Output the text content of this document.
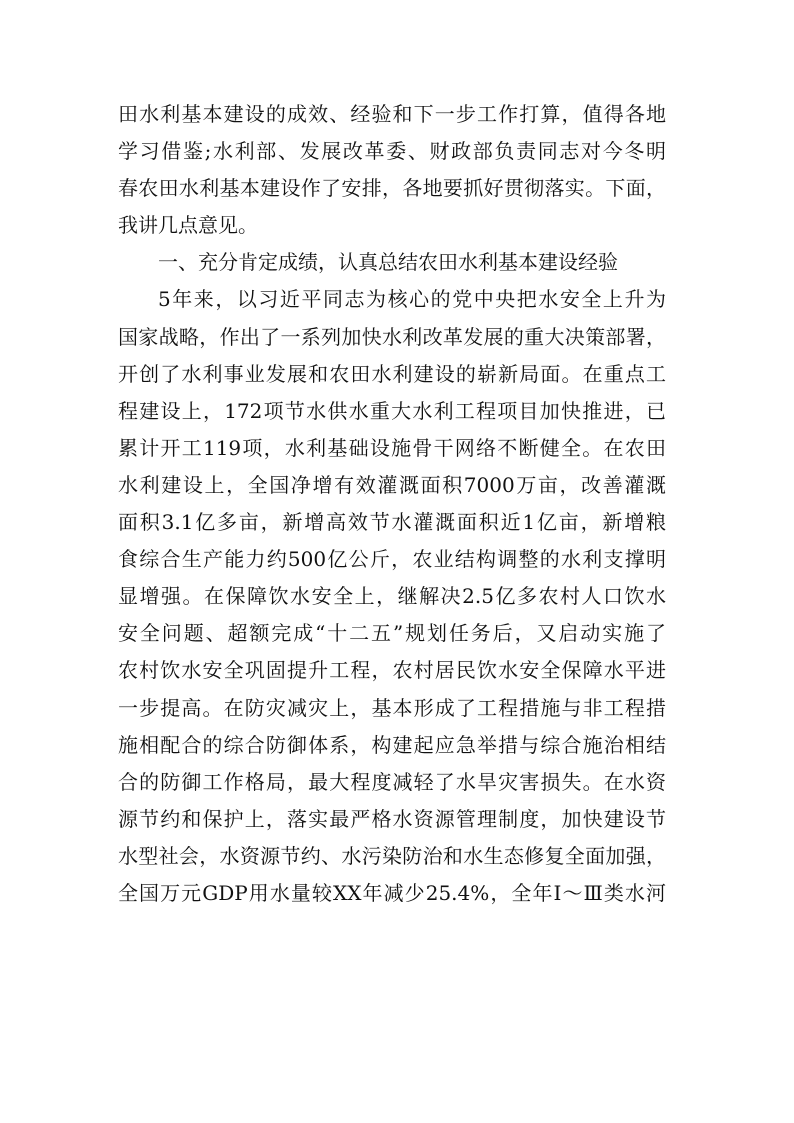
田水利基本建设的成效、经验和下一步工作打算，值得各地
学习借鉴;水利部、发展改革委、财政部负责同志对今冬明
春农田水利基本建设作了安排，各地要抓好贯彻落实。下面，
我讲几点意见。
一、充分肯定成绩，认真总结农田水利基本建设经验
5年来，以习近平同志为核心的党中央把水安全上升为
国家战略，作出了一系列加快水利改革发展的重大决策部署，
开创了水利事业发展和农田水利建设的崭新局面。在重点工
程建设上，172项节水供水重大水利工程项目加快推进，已
累计开工119项，水利基础设施骨干网络不断健全。在农田
水利建设上，全国净增有效灌溉面积7000万亩，改善灌溉
面积3.1亿多亩，新增高效节水灌溉面积近1亿亩，新增粮
食综合生产能力约500亿公斤，农业结构调整的水利支撑明
显增强。在保障饮水安全上，继解决2.5亿多农村人口饮水
安全问题、超额完成“十二五”规划任务后，又启动实施了
农村饮水安全巩固提升工程，农村居民饮水安全保障水平进
一步提高。在防灾减灾上，基本形成了工程措施与非工程措
施相配合的综合防御体系，构建起应急举措与综合施治相结
合的防御工作格局，最大程度减轻了水旱灾害损失。在水资
源节约和保护上，落实最严格水资源管理制度，加快建设节
水型社会，水资源节约、水污染防治和水生态修复全面加强，
全国万元GDP用水量较XX年减少25.4%，全年Ⅰ～Ⅲ类水河
